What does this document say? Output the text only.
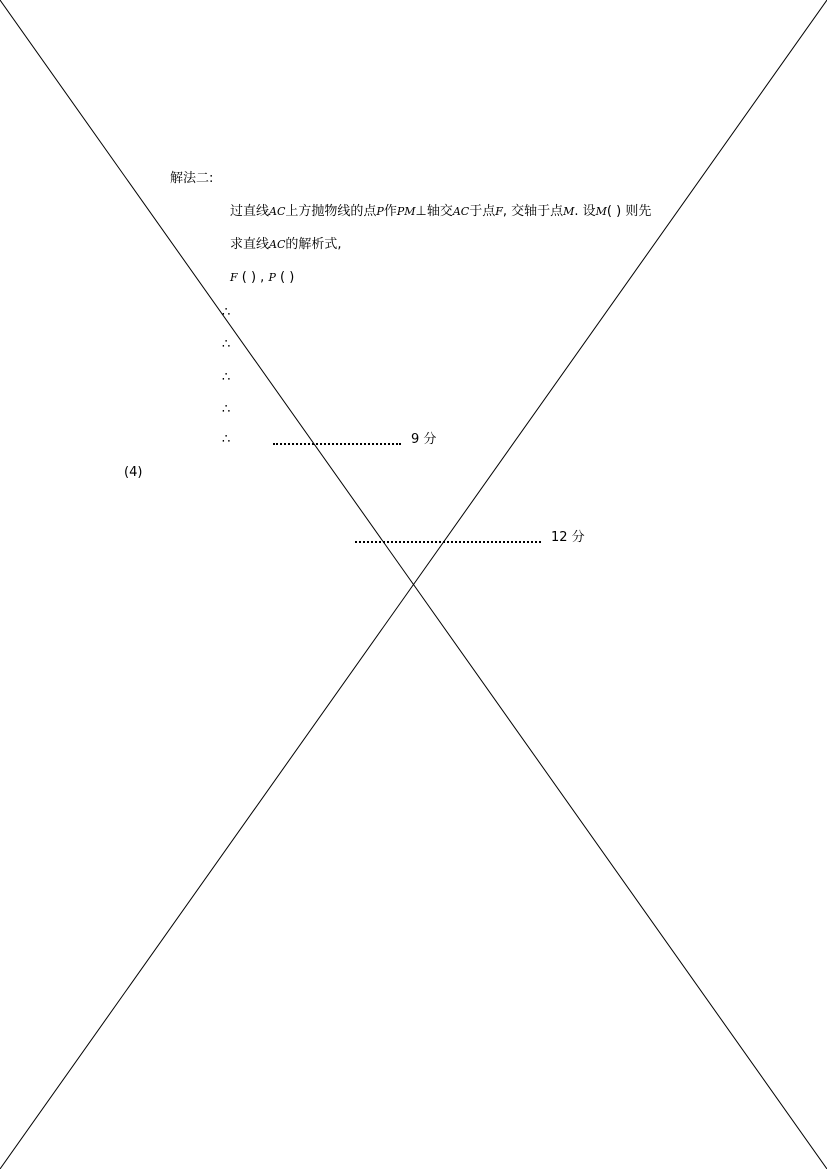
解法二:
过直线AC上方抛物线的点P作PM⊥轴交AC于点F, 交轴于点M. 设M( ) 则先
求直线AC的解析式,
F ( ) , P ( )
∴
∴
∴
∴
∴	9 分
(4)
12 分
